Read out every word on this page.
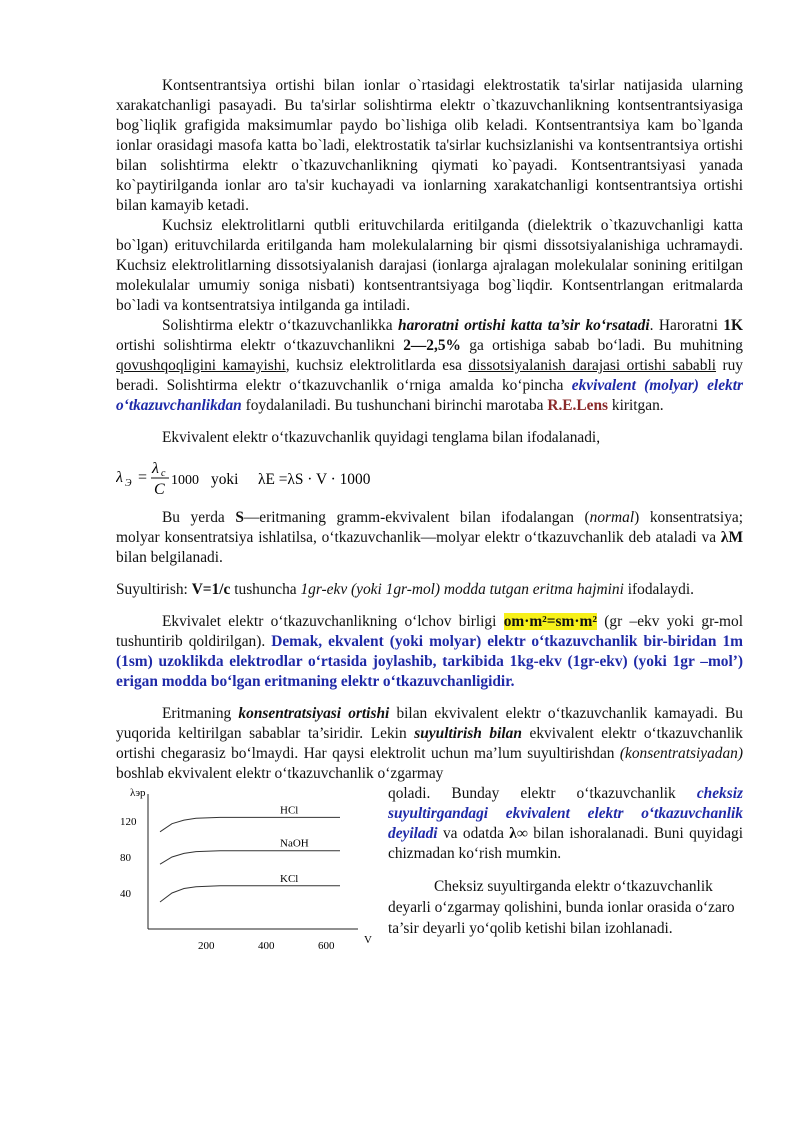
Kontsentrantsiya ortishi bilan ionlar o`rtasidagi elektrostatik ta'sirlar natijasida ularning xarakatchanligi pasayadi. Bu ta'sirlar solishtirma elektr o`tkazuvchanlikning kontsentrantsiyasiga bog`liqlik grafigida maksimumlar paydo bo`lishiga olib keladi. Kontsentrantsiya kam bo`lganda ionlar orasidagi masofa katta bo`ladi, elektrostatik ta'sirlar kuchsizlanishi va kontsentrantsiya ortishi bilan solishtirma elektr o`tkazuvchanlikning qiymati ko`payadi. Kontsentrantsiyasi yanada ko`paytirilganda ionlar aro ta'sir kuchayadi va ionlarning xarakatchanligi kontsentrantsiya ortishi bilan kamayib ketadi.

Kuchsiz elektrolitlarni qutbli erituvchilarda eritilganda (dielektrik o`tkazuvchanligi katta bo`lgan) erituvchilarda eritilganda ham molekulalarning bir qismi dissotsiyalanishiga uchramaydi. Kuchsiz elektrolitlarning dissotsiyalanish darajasi (ionlarga ajralagan molekulalar sonining eritilgan molekulalar umumiy soniga nisbati) kontsentrantsiyaga bog`liqdir. Kontsentrlangan eritmalarda bo`ladi va kontsentratsiya intilganda ga intiladi.

Solishtirma elektr o‘tkazuvchanlikka haroratni ortishi katta ta’sir ko‘rsatadi. Haroratni 1K ortishi solishtirma elektr o‘tkazuvchanlikni 2—2,5% ga ortishiga sabab bo‘ladi. Bu muhitning qovushqoqligini kamayishi, kuchsiz elektrolitlarda esa dissotsiyalanish darajasi ortishi sababli ruy beradi. Solishtirma elektr o‘tkazuvchanlik o‘rniga amalda ko‘pincha ekvivalent (molyar) elektr o‘tkazuvchanlikdan foydalaniladi. Bu tushunchani birinchi marotaba R.E.Lens kiritgan.

Ekvivalent elektr o‘tkazuvchanlik quyidagi tenglama bilan ifodalanadi,

λ Э =
λ c
C
1000 yoki λE =λS · V · 1000

Bu yerda S—eritmaning gramm-ekvivalent bilan ifodalangan (normal) konsentratsiya; molyar konsentratsiya ishlatilsa, o‘tkazuvchanlik—molyar elektr o‘tkazuvchanlik deb ataladi va λM bilan belgilanadi.

Suyultirish: V=1/c tushuncha 1gr-ekv (yoki 1gr-mol) modda tutgan eritma hajmini ifodalaydi.

Ekvivalet elektr o‘tkazuvchanlikning o‘lchov birligi om·m²=sm·m² (gr –ekv yoki gr-mol tushuntirib qoldirilgan). Demak, ekvalent (yoki molyar) elektr o‘tkazuvchanlik bir-biridan 1m (1sm) uzoklikda elektrodlar o‘rtasida joylashib, tarkibida 1kg-ekv (1gr-ekv) (yoki 1gr –mol’) erigan modda bo‘lgan eritmaning elektr o‘tkazuvchanligidir.

Eritmaning konsentratsiyasi ortishi bilan ekvivalent elektr o‘tkazuvchanlik kamayadi. Bu yuqorida keltirilgan sabablar ta’siridir. Lekin suyultirish bilan ekvivalent elektr o‘tkazuvchanlik ortishi chegarasiz bo‘lmaydi. Har qaysi elektrolit uchun ma’lum suyultirishdan (konsentratsiyadan) boshlab ekvivalent elektr o‘tkazuvchanlik o‘zgarmay

λэр
V
120
80
40
200	400	600
HCl
NaOH
KCl

qoladi. Bunday elektr o‘tkazuvchanlik cheksiz suyultirgandagi ekvivalent elektr o‘tkazuvchanlik deyiladi va odatda λ∞ bilan ishoralanadi. Buni quyidagi chizmadan ko‘rish mumkin.

Cheksiz suyultirganda elektr o‘tkazuvchanlik deyarli o‘zgarmay qolishini, bunda ionlar orasida o‘zaro ta’sir deyarli yo‘qolib ketishi bilan izohlanadi.
